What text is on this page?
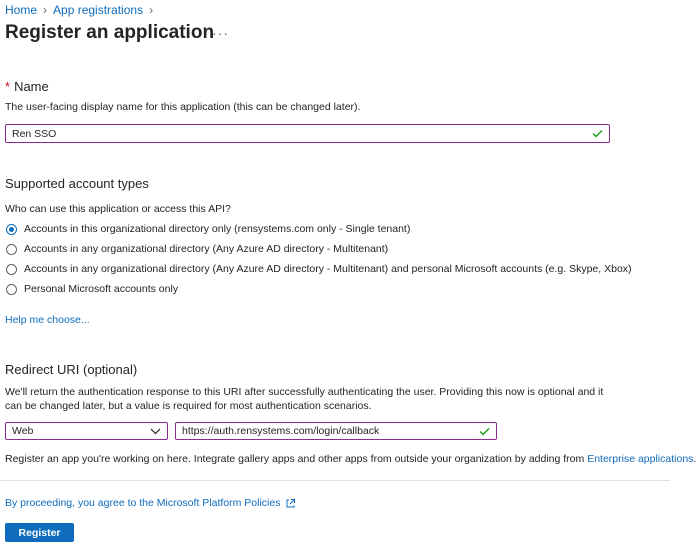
Home › App registrations ›
Register an application
···
* Name
The user-facing display name for this application (this can be changed later).
Ren SSO
Supported account types
Who can use this application or access this API?
Accounts in this organizational directory only (rensystems.com only - Single tenant)
Accounts in any organizational directory (Any Azure AD directory - Multitenant)
Accounts in any organizational directory (Any Azure AD directory - Multitenant) and personal Microsoft accounts (e.g. Skype, Xbox)
Personal Microsoft accounts only
Help me choose...
Redirect URI (optional)
We'll return the authentication response to this URI after successfully authenticating the user. Providing this now is optional and it can be changed later, but a value is required for most authentication scenarios.
Web	https://auth.rensystems.com/login/callback
Register an app you're working on here. Integrate gallery apps and other apps from outside your organization by adding from Enterprise applications
By proceeding, you agree to the Microsoft Platform Policies
Register
